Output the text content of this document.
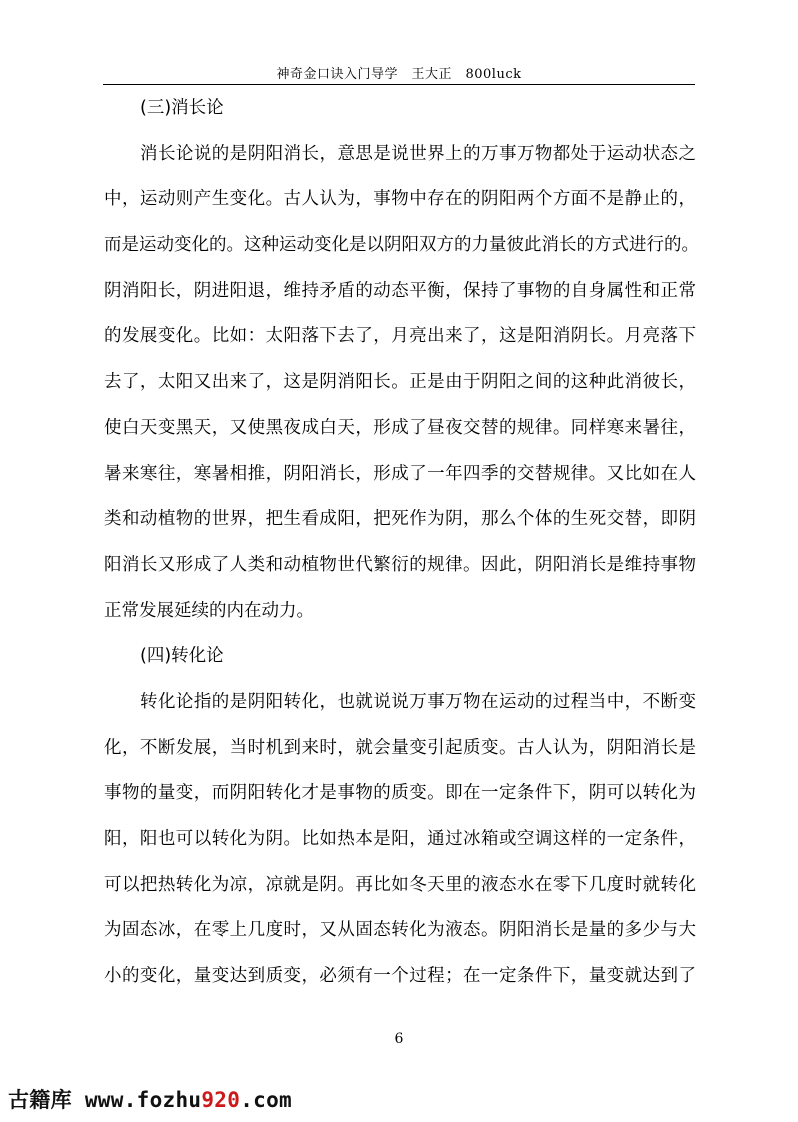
神奇金口诀入门导学　王大正　800luck
(三)消长论
消长论说的是阴阳消长，意思是说世界上的万事万物都处于运动状态之
中，运动则产生变化。古人认为，事物中存在的阴阳两个方面不是静止的，
而是运动变化的。这种运动变化是以阴阳双方的力量彼此消长的方式进行的。
阴消阳长，阴进阳退，维持矛盾的动态平衡，保持了事物的自身属性和正常
的发展变化。比如：太阳落下去了，月亮出来了，这是阳消阴长。月亮落下
去了，太阳又出来了，这是阴消阳长。正是由于阴阳之间的这种此消彼长，
使白天变黑天，又使黑夜成白天，形成了昼夜交替的规律。同样寒来暑往，
暑来寒往，寒暑相推，阴阳消长，形成了一年四季的交替规律。又比如在人
类和动植物的世界，把生看成阳，把死作为阴，那么个体的生死交替，即阴
阳消长又形成了人类和动植物世代繁衍的规律。因此，阴阳消长是维持事物
正常发展延续的内在动力。
(四)转化论
转化论指的是阴阳转化，也就说说万事万物在运动的过程当中，不断变
化，不断发展，当时机到来时，就会量变引起质变。古人认为，阴阳消长是
事物的量变，而阴阳转化才是事物的质变。即在一定条件下，阴可以转化为
阳，阳也可以转化为阴。比如热本是阳，通过冰箱或空调这样的一定条件，
可以把热转化为凉，凉就是阴。再比如冬天里的液态水在零下几度时就转化
为固态冰，在零上几度时，又从固态转化为液态。阴阳消长是量的多少与大
小的变化，量变达到质变，必须有一个过程；在一定条件下，量变就达到了
6
古籍库 www.fozhu920.com
